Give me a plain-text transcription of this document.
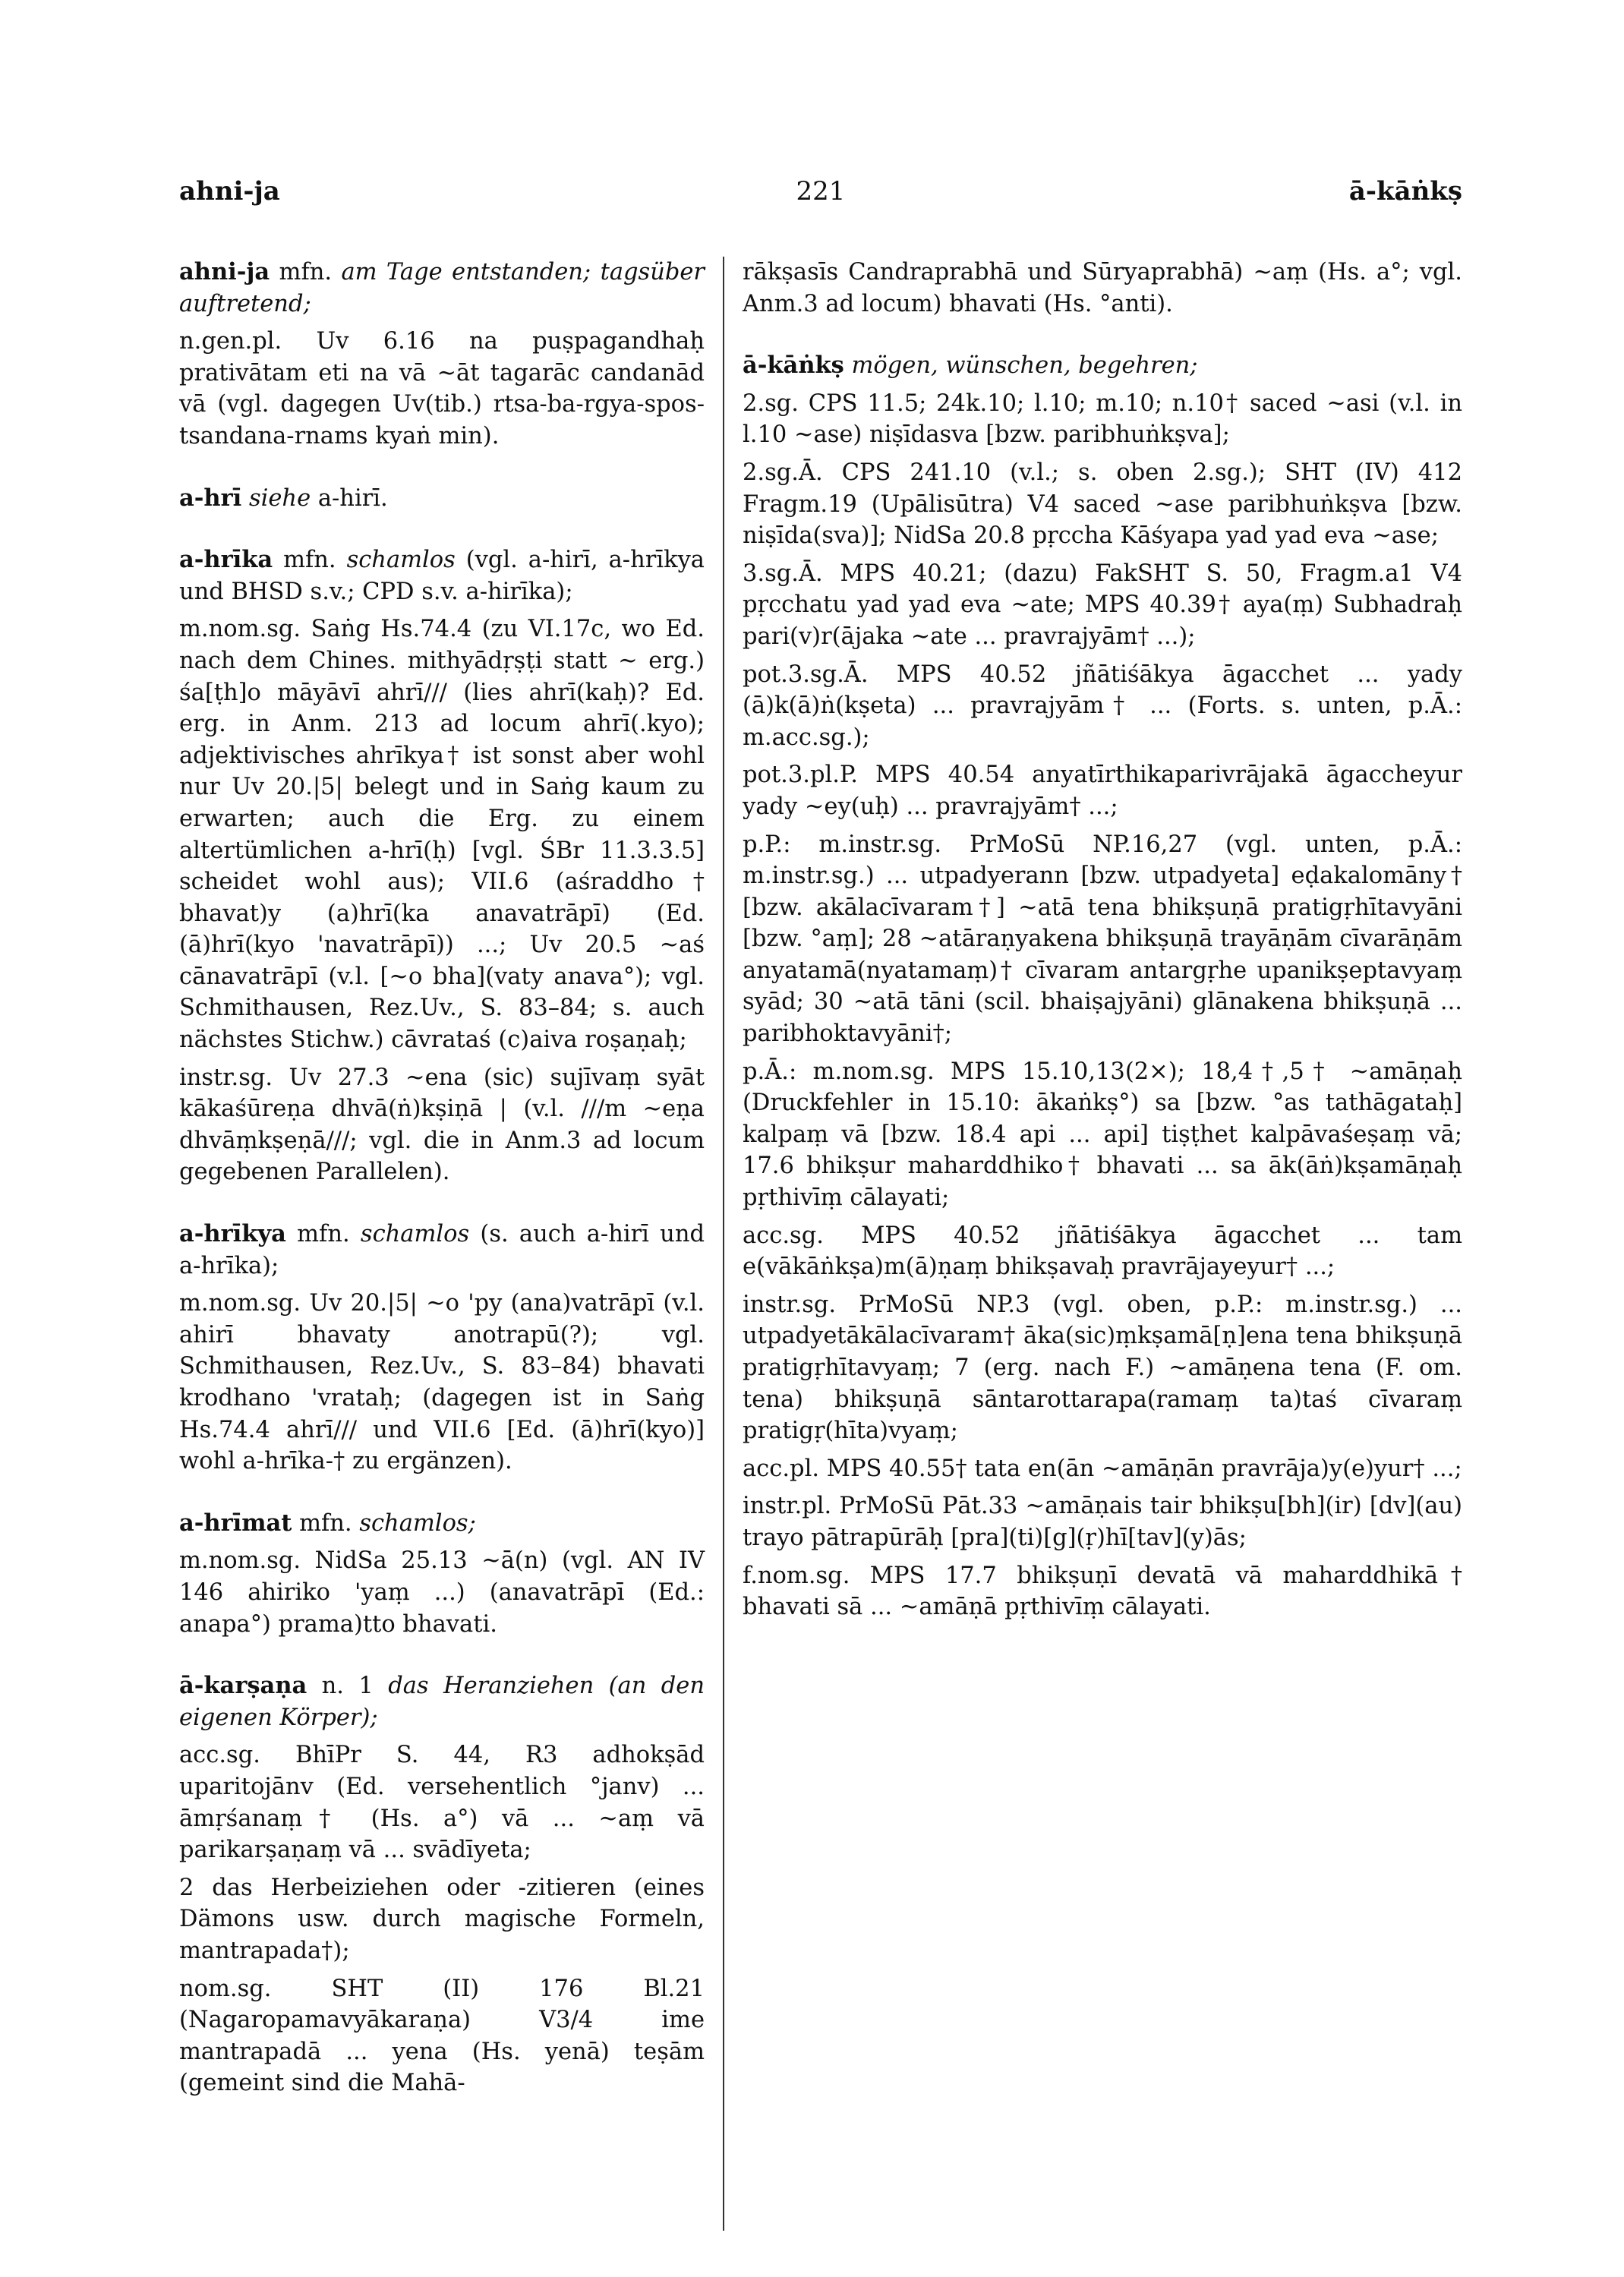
ahni-ja	221	ā-kāṅkṣ
ahni-ja mfn. am Tage entstanden; tagsüber auftretend;
n.gen.pl. Uv 6.16 na puṣpagandhaḥ prativātam eti na vā ~āt tagarāc candanād vā (vgl. dagegen Uv(tib.) rtsa-ba-rgya-spos-tsandana-rnams kyaṅ min).
a-hrī siehe a-hirī.
a-hrīka mfn. schamlos (vgl. a-hirī, a-hrīkya und BHSD s.v.; CPD s.v. a-hirīka);
m.nom.sg. Saṅg Hs.74.4 (zu VI.17c, wo Ed. nach dem Chines. mithyādṛṣṭi statt ~ erg.) śa[ṭh]o māyāvī ahrī/// (lies ahrī(kaḥ)? Ed. erg. in Anm. 213 ad locum ahrī(.kyo); adjektivisches ahrīkya† ist sonst aber wohl nur Uv 20.|5| belegt und in Saṅg kaum zu erwarten; auch die Erg. zu einem altertümlichen a-hrī(ḥ) [vgl. ŚBr 11.3.3.5] scheidet wohl aus); VII.6 (aśraddho† bhavat)y (a)hrī(ka anavatrāpī) (Ed. (ā)hrī(kyo 'navatrāpī)) ...; Uv 20.5 ~aś cānavatrāpī (v.l. [~o bha](vaty anava°); vgl. Schmithausen, Rez.Uv., S. 83–84; s. auch nächstes Stichw.) cāvrataś (c)aiva roṣaṇaḥ;
instr.sg. Uv 27.3 ~ena (sic) sujīvaṃ syāt kākaśūreṇa dhvā(ṅ)kṣiṇā | (v.l. ///m ~eṇa dhvāṃkṣeṇā///; vgl. die in Anm.3 ad locum gegebenen Parallelen).
a-hrīkya mfn. schamlos (s. auch a-hirī und a-hrīka);
m.nom.sg. Uv 20.|5| ~o 'py (ana)vatrāpī (v.l. ahirī bhavaty anotrapū(?); vgl. Schmithausen, Rez.Uv., S. 83–84) bhavati krodhano 'vrataḥ; (dagegen ist in Saṅg Hs.74.4 ahrī/// und VII.6 [Ed. (ā)hrī(kyo)] wohl a-hrīka-† zu ergänzen).
a-hrīmat mfn. schamlos;
m.nom.sg. NidSa 25.13 ~ā(n) (vgl. AN IV 146 ahiriko 'yaṃ ...) (anavatrāpī (Ed.: anapa°) prama)tto bhavati.
ā-karṣaṇa n. 1 das Heranziehen (an den eigenen Körper);
acc.sg. BhīPr S. 44, R3 adhokṣād uparitojānv (Ed. versehentlich °janv) ... āmṛśanaṃ† (Hs. a°) vā ... ~aṃ vā parikarṣaṇaṃ vā ... svādīyeta;
2 das Herbeiziehen oder -zitieren (eines Dämons usw. durch magische Formeln, mantrapada†);
nom.sg. SHT (II) 176 Bl.21 (Nagaropamavyākaraṇa) V3/4 ime mantrapadā ... yena (Hs. yenā) teṣām (gemeint sind die Mahā-
rākṣasīs Candraprabhā und Sūryaprabhā) ~aṃ (Hs. a°; vgl. Anm.3 ad locum) bhavati (Hs. °anti).
ā-kāṅkṣ mögen, wünschen, begehren;
2.sg. CPS 11.5; 24k.10; l.10; m.10; n.10† saced ~asi (v.l. in l.10 ~ase) niṣīdasva [bzw. paribhuṅkṣva];
2.sg.Ā. CPS 241.10 (v.l.; s. oben 2.sg.); SHT (IV) 412 Fragm.19 (Upālisūtra) V4 saced ~ase paribhuṅkṣva [bzw. niṣīda(sva)]; NidSa 20.8 pṛccha Kāśyapa yad yad eva ~ase;
3.sg.Ā. MPS 40.21; (dazu) FakSHT S. 50, Fragm.a1 V4 pṛcchatu yad yad eva ~ate; MPS 40.39† aya(ṃ) Subhadraḥ pari(v)r(ājaka ~ate ... pravrajyām† ...);
pot.3.sg.Ā. MPS 40.52 jñātiśākya āgacchet ... yady (ā)k(ā)ṅ(kṣeta) ... pravrajyām† ... (Forts. s. unten, p.Ā.: m.acc.sg.);
pot.3.pl.P. MPS 40.54 anyatīrthikaparivrājakā āgaccheyur yady ~ey(uḥ) ... pravrajyām† ...;
p.P.: m.instr.sg. PrMoSū NP.16,27 (vgl. unten, p.Ā.: m.instr.sg.) ... utpadyerann [bzw. utpadyeta] eḍakalomāny† [bzw. akālacīvaram†] ~atā tena bhikṣuṇā pratigṛhītavyāni [bzw. °aṃ]; 28 ~atāraṇyakena bhikṣuṇā trayāṇām cīvarāṇām anyatamā(nyatamaṃ)† cīvaram antargṛhe upanikṣeptavyaṃ syād; 30 ~atā tāni (scil. bhaiṣajyāni) glānakena bhikṣuṇā ... paribhoktavyāni†;
p.Ā.: m.nom.sg. MPS 15.10,13(2×); 18,4†,5† ~amāṇaḥ (Druckfehler in 15.10: ākaṅkṣ°) sa [bzw. °as tathāgataḥ] kalpaṃ vā [bzw. 18.4 api ... api] tiṣṭhet kalpāvaśeṣaṃ vā; 17.6 bhikṣur maharddhiko† bhavati ... sa āk(āṅ)kṣamāṇaḥ pṛthivīṃ cālayati;
acc.sg. MPS 40.52 jñātiśākya āgacchet ... tam e(vākāṅkṣa)m(ā)ṇaṃ bhikṣavaḥ pravrājayeyur† ...;
instr.sg. PrMoSū NP.3 (vgl. oben, p.P.: m.instr.sg.) ... utpadyetākālacīvaram† āka(sic)ṃkṣamā[ṇ]ena tena bhikṣuṇā pratigṛhītavyaṃ; 7 (erg. nach F.) ~amāṇena tena (F. om. tena) bhikṣuṇā sāntarottarapa(ramaṃ ta)taś cīvaraṃ pratigṛ(hīta)vyaṃ;
acc.pl. MPS 40.55† tata en(ān ~amāṇān pravrāja)y(e)yur† ...;
instr.pl. PrMoSū Pāt.33 ~amāṇais tair bhikṣu[bh](ir) [dv](au) trayo pātrapūrāḥ [pra](ti)[g](ṛ)hī[tav](y)ās;
f.nom.sg. MPS 17.7 bhikṣuṇī devatā vā maharddhikā† bhavati sā ... ~amāṇā pṛthivīṃ cālayati.
